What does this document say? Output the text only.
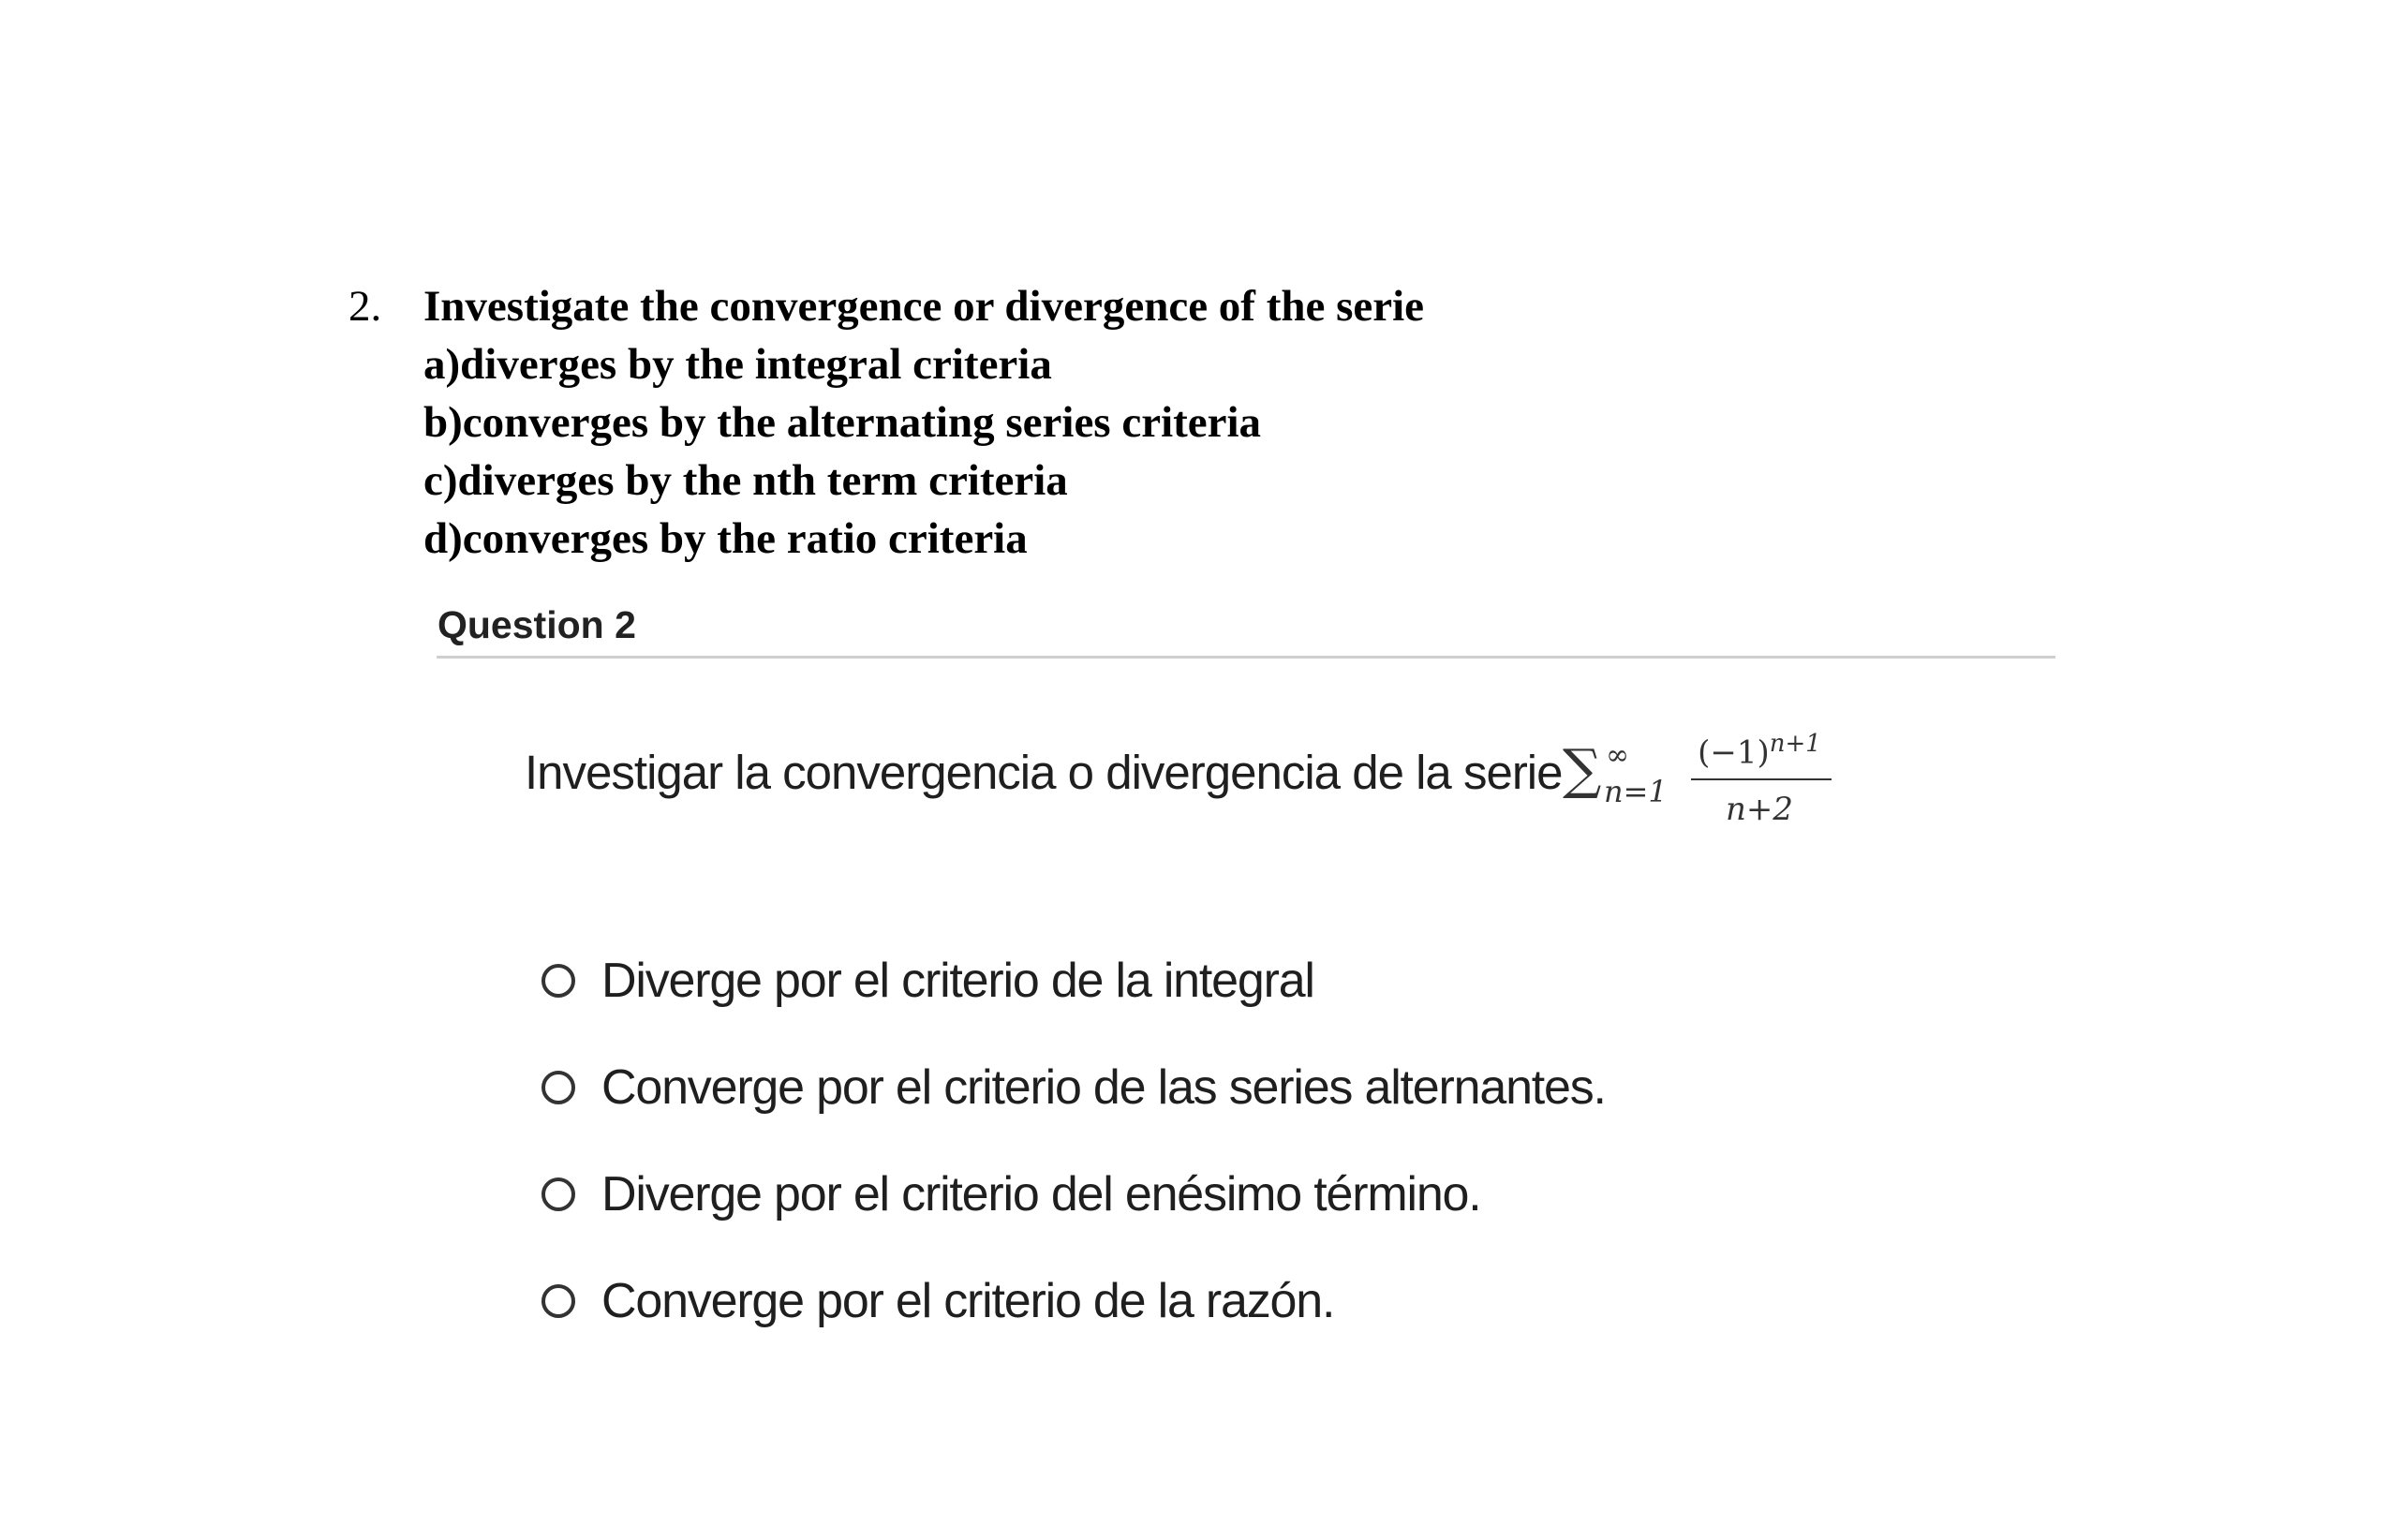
2. Investigate the convergence or divergence of the serie
a)diverges by the integral criteria
b)converges by the alternating series criteria
c)diverges by the nth term criteria
d)converges by the ratio criteria
Question 2
Investigar la convergencia o divergencia de la serie ∑ ∞
n=1
$(-1)^{n+1}$
n+2
Diverge por el criterio de la integral
Converge por el criterio de las series alternantes.
Diverge por el criterio del enésimo término.
Converge por el criterio de la razón.
